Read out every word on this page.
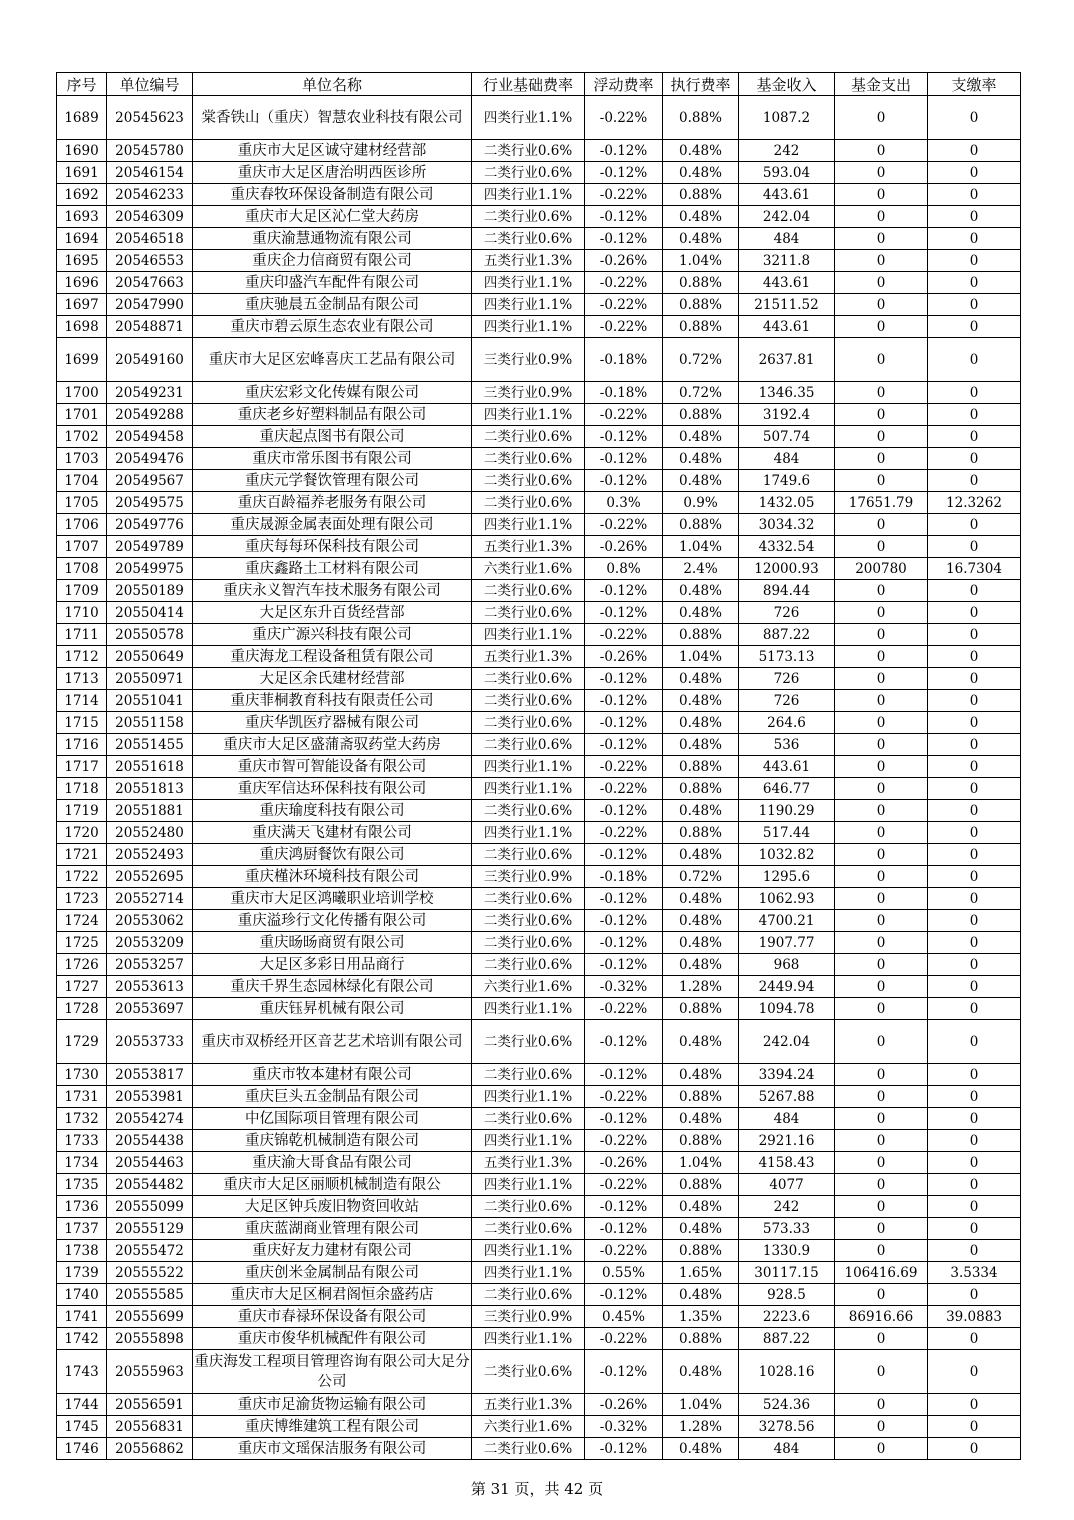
序号	单位编号	单位名称	行业基础费率	浮动费率	执行费率	基金收入	基金支出	支缴率
1689	20545623	棠香铁山（重庆）智慧农业科技有限公司	四类行业1.1%	-0.22%	0.88%	1087.2	0	0
1690	20545780	重庆市大足区诚守建材经营部	二类行业0.6%	-0.12%	0.48%	242	0	0
1691	20546154	重庆市大足区唐治明西医诊所	二类行业0.6%	-0.12%	0.48%	593.04	0	0
1692	20546233	重庆春牧环保设备制造有限公司	四类行业1.1%	-0.22%	0.88%	443.61	0	0
1693	20546309	重庆市大足区沁仁堂大药房	二类行业0.6%	-0.12%	0.48%	242.04	0	0
1694	20546518	重庆渝慧通物流有限公司	二类行业0.6%	-0.12%	0.48%	484	0	0
1695	20546553	重庆企力信商贸有限公司	五类行业1.3%	-0.26%	1.04%	3211.8	0	0
1696	20547663	重庆印盛汽车配件有限公司	四类行业1.1%	-0.22%	0.88%	443.61	0	0
1697	20547990	重庆驰晨五金制品有限公司	四类行业1.1%	-0.22%	0.88%	21511.52	0	0
1698	20548871	重庆市碧云原生态农业有限公司	四类行业1.1%	-0.22%	0.88%	443.61	0	0
1699	20549160	重庆市大足区宏峰喜庆工艺品有限公司	三类行业0.9%	-0.18%	0.72%	2637.81	0	0
1700	20549231	重庆宏彩文化传媒有限公司	三类行业0.9%	-0.18%	0.72%	1346.35	0	0
1701	20549288	重庆老乡好塑料制品有限公司	四类行业1.1%	-0.22%	0.88%	3192.4	0	0
1702	20549458	重庆起点图书有限公司	二类行业0.6%	-0.12%	0.48%	507.74	0	0
1703	20549476	重庆市常乐图书有限公司	二类行业0.6%	-0.12%	0.48%	484	0	0
1704	20549567	重庆元学餐饮管理有限公司	二类行业0.6%	-0.12%	0.48%	1749.6	0	0
1705	20549575	重庆百龄福养老服务有限公司	二类行业0.6%	0.3%	0.9%	1432.05	17651.79	12.3262
1706	20549776	重庆晟源金属表面处理有限公司	四类行业1.1%	-0.22%	0.88%	3034.32	0	0
1707	20549789	重庆每每环保科技有限公司	五类行业1.3%	-0.26%	1.04%	4332.54	0	0
1708	20549975	重庆鑫路土工材料有限公司	六类行业1.6%	0.8%	2.4%	12000.93	200780	16.7304
1709	20550189	重庆永义智汽车技术服务有限公司	二类行业0.6%	-0.12%	0.48%	894.44	0	0
1710	20550414	大足区东升百货经营部	二类行业0.6%	-0.12%	0.48%	726	0	0
1711	20550578	重庆广源兴科技有限公司	四类行业1.1%	-0.22%	0.88%	887.22	0	0
1712	20550649	重庆海龙工程设备租赁有限公司	五类行业1.3%	-0.26%	1.04%	5173.13	0	0
1713	20550971	大足区余氏建材经营部	二类行业0.6%	-0.12%	0.48%	726	0	0
1714	20551041	重庆菲桐教育科技有限责任公司	二类行业0.6%	-0.12%	0.48%	726	0	0
1715	20551158	重庆华凯医疗器械有限公司	二类行业0.6%	-0.12%	0.48%	264.6	0	0
1716	20551455	重庆市大足区盛蒲斋驭药堂大药房	二类行业0.6%	-0.12%	0.48%	536	0	0
1717	20551618	重庆市智可智能设备有限公司	四类行业1.1%	-0.22%	0.88%	443.61	0	0
1718	20551813	重庆军信达环保科技有限公司	四类行业1.1%	-0.22%	0.88%	646.77	0	0
1719	20551881	重庆瑜度科技有限公司	二类行业0.6%	-0.12%	0.48%	1190.29	0	0
1720	20552480	重庆满天飞建材有限公司	四类行业1.1%	-0.22%	0.88%	517.44	0	0
1721	20552493	重庆鸿厨餐饮有限公司	二类行业0.6%	-0.12%	0.48%	1032.82	0	0
1722	20552695	重庆槿沐环境科技有限公司	三类行业0.9%	-0.18%	0.72%	1295.6	0	0
1723	20552714	重庆市大足区鸿曦职业培训学校	二类行业0.6%	-0.12%	0.48%	1062.93	0	0
1724	20553062	重庆溢珍行文化传播有限公司	二类行业0.6%	-0.12%	0.48%	4700.21	0	0
1725	20553209	重庆旸旸商贸有限公司	二类行业0.6%	-0.12%	0.48%	1907.77	0	0
1726	20553257	大足区多彩日用品商行	二类行业0.6%	-0.12%	0.48%	968	0	0
1727	20553613	重庆千界生态园林绿化有限公司	六类行业1.6%	-0.32%	1.28%	2449.94	0	0
1728	20553697	重庆钰昇机械有限公司	四类行业1.1%	-0.22%	0.88%	1094.78	0	0
1729	20553733	重庆市双桥经开区音艺艺术培训有限公司	二类行业0.6%	-0.12%	0.48%	242.04	0	0
1730	20553817	重庆市牧本建材有限公司	二类行业0.6%	-0.12%	0.48%	3394.24	0	0
1731	20553981	重庆巨头五金制品有限公司	四类行业1.1%	-0.22%	0.88%	5267.88	0	0
1732	20554274	中亿国际项目管理有限公司	二类行业0.6%	-0.12%	0.48%	484	0	0
1733	20554438	重庆锦乾机械制造有限公司	四类行业1.1%	-0.22%	0.88%	2921.16	0	0
1734	20554463	重庆渝大哥食品有限公司	五类行业1.3%	-0.26%	1.04%	4158.43	0	0
1735	20554482	重庆市大足区丽顺机械制造有限公	四类行业1.1%	-0.22%	0.88%	4077	0	0
1736	20555099	大足区钟兵废旧物资回收站	二类行业0.6%	-0.12%	0.48%	242	0	0
1737	20555129	重庆蓝湖商业管理有限公司	二类行业0.6%	-0.12%	0.48%	573.33	0	0
1738	20555472	重庆好友力建材有限公司	四类行业1.1%	-0.22%	0.88%	1330.9	0	0
1739	20555522	重庆创米金属制品有限公司	四类行业1.1%	0.55%	1.65%	30117.15	106416.69	3.5334
1740	20555585	重庆市大足区桐君阁恒余盛药店	二类行业0.6%	-0.12%	0.48%	928.5	0	0
1741	20555699	重庆市春禄环保设备有限公司	三类行业0.9%	0.45%	1.35%	2223.6	86916.66	39.0883
1742	20555898	重庆市俊华机械配件有限公司	四类行业1.1%	-0.22%	0.88%	887.22	0	0
1743	20555963	重庆海发工程项目管理咨询有限公司大足分公司	二类行业0.6%	-0.12%	0.48%	1028.16	0	0
1744	20556591	重庆市足渝货物运输有限公司	五类行业1.3%	-0.26%	1.04%	524.36	0	0
1745	20556831	重庆博维建筑工程有限公司	六类行业1.6%	-0.32%	1.28%	3278.56	0	0
1746	20556862	重庆市文瑶保洁服务有限公司	二类行业0.6%	-0.12%	0.48%	484	0	0
第 31 页，共 42 页
